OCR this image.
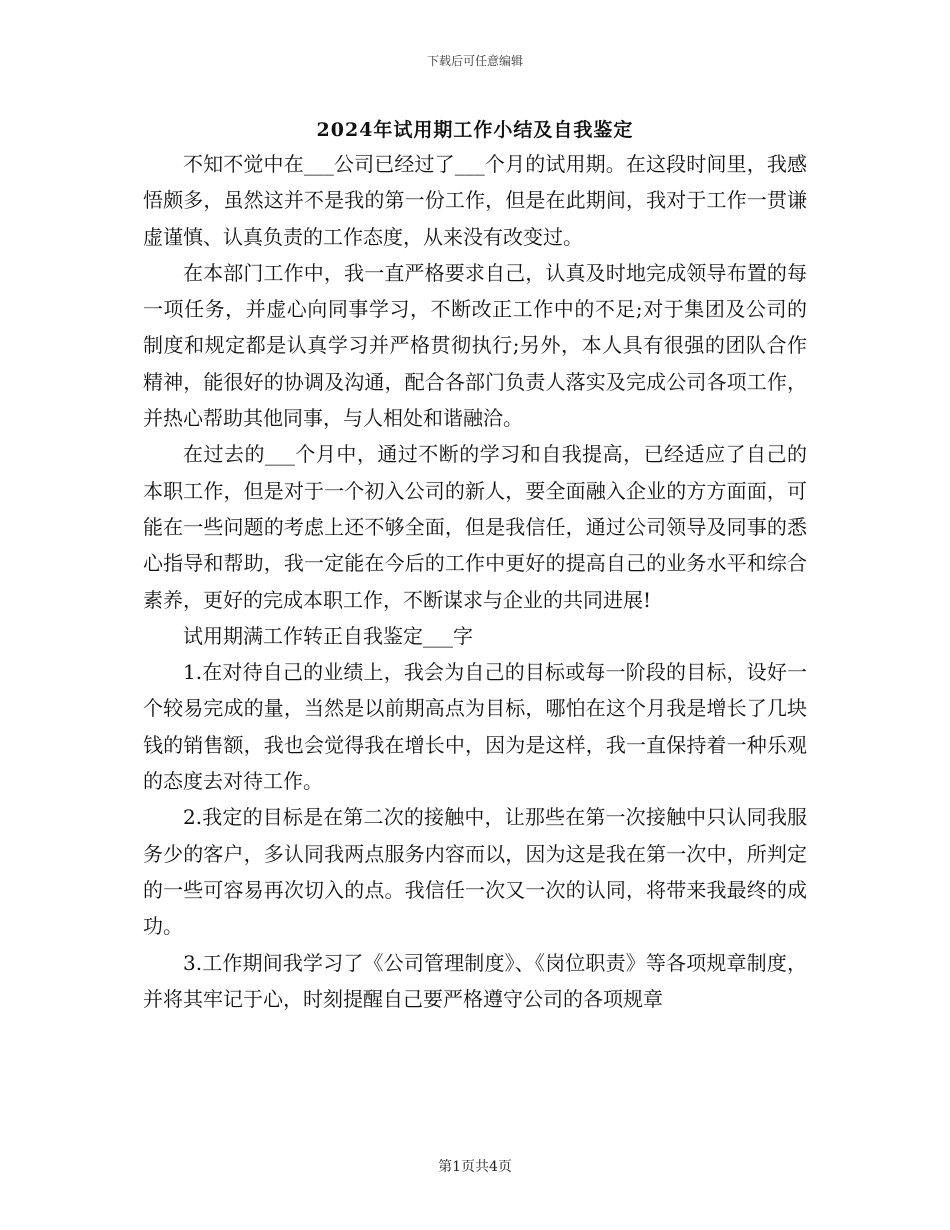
下载后可任意编辑
2024年试用期工作小结及自我鉴定

不知不觉中在___公司已经过了___个月的试用期。在这段时间里，我感悟颇多，虽然这并不是我的第一份工作，但是在此期间，我对于工作一贯谦虚谨慎、认真负责的工作态度，从来没有改变过。

在本部门工作中，我一直严格要求自己，认真及时地完成领导布置的每一项任务，并虚心向同事学习，不断改正工作中的不足;对于集团及公司的制度和规定都是认真学习并严格贯彻执行;另外，本人具有很强的团队合作精神，能很好的协调及沟通，配合各部门负责人落实及完成公司各项工作，并热心帮助其他同事，与人相处和谐融洽。

在过去的___个月中，通过不断的学习和自我提高，已经适应了自己的本职工作，但是对于一个初入公司的新人，要全面融入企业的方方面面，可能在一些问题的考虑上还不够全面，但是我信任，通过公司领导及同事的悉心指导和帮助，我一定能在今后的工作中更好的提高自己的业务水平和综合素养，更好的完成本职工作，不断谋求与企业的共同进展!

试用期满工作转正自我鉴定___字

1.在对待自己的业绩上，我会为自己的目标或每一阶段的目标，设好一个较易完成的量，当然是以前期高点为目标，哪怕在这个月我是增长了几块钱的销售额，我也会觉得我在增长中，因为是这样，我一直保持着一种乐观的态度去对待工作。

2.我定的目标是在第二次的接触中，让那些在第一次接触中只认同我服务少的客户，多认同我两点服务内容而以，因为这是我在第一次中，所判定的一些可容易再次切入的点。我信任一次又一次的认同，将带来我最终的成功。

3.工作期间我学习了《公司管理制度》、《岗位职责》等各项规章制度，并将其牢记于心，时刻提醒自己要严格遵守公司的各项规章

第1页共4页
